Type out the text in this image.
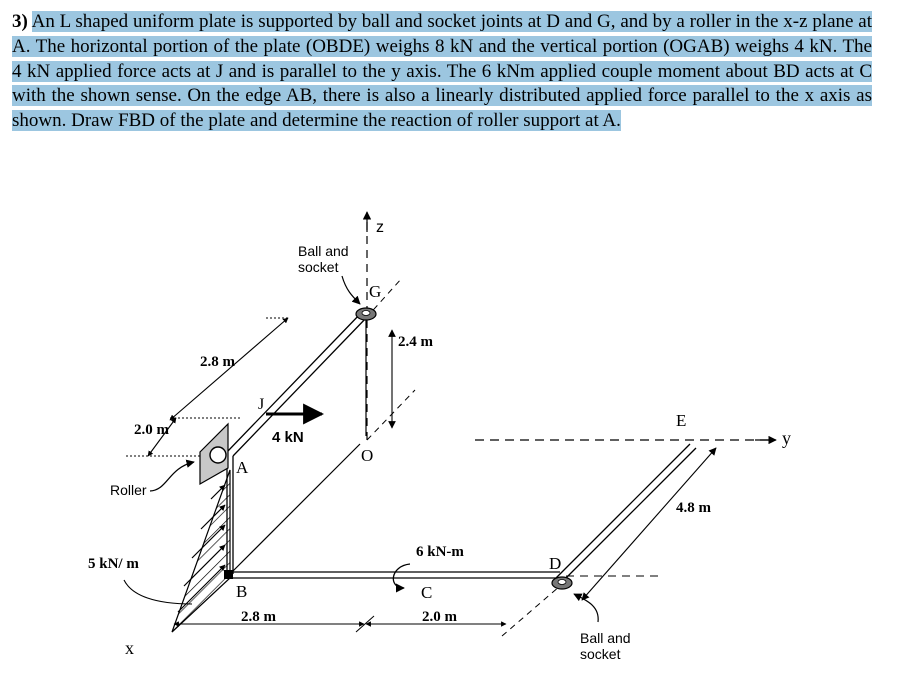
3) An L shaped uniform plate is supported by ball and socket joints at D and G, and by a roller in the x-z plane at A. The horizontal portion of the plate (OBDE) weighs 8 kN and the vertical portion (OGAB) weighs 4 kN. The 4 kN applied force acts at J and is parallel to the y axis. The 6 kNm applied couple moment about BD acts at C with the shown sense. On the edge AB, there is also a linearly distributed applied force parallel to the x axis as shown. Draw FBD of the plate and determine the reaction of roller support at A.
z
y
x
Roller
Ball and
socket
Ball and
socket
4 kN
6 kN-m
2.4 m
4.8 m
2.8 m	2.0 m
2.8 m
2.0 m
5 kN/ m
G
J
A
O
B	C
D
E
